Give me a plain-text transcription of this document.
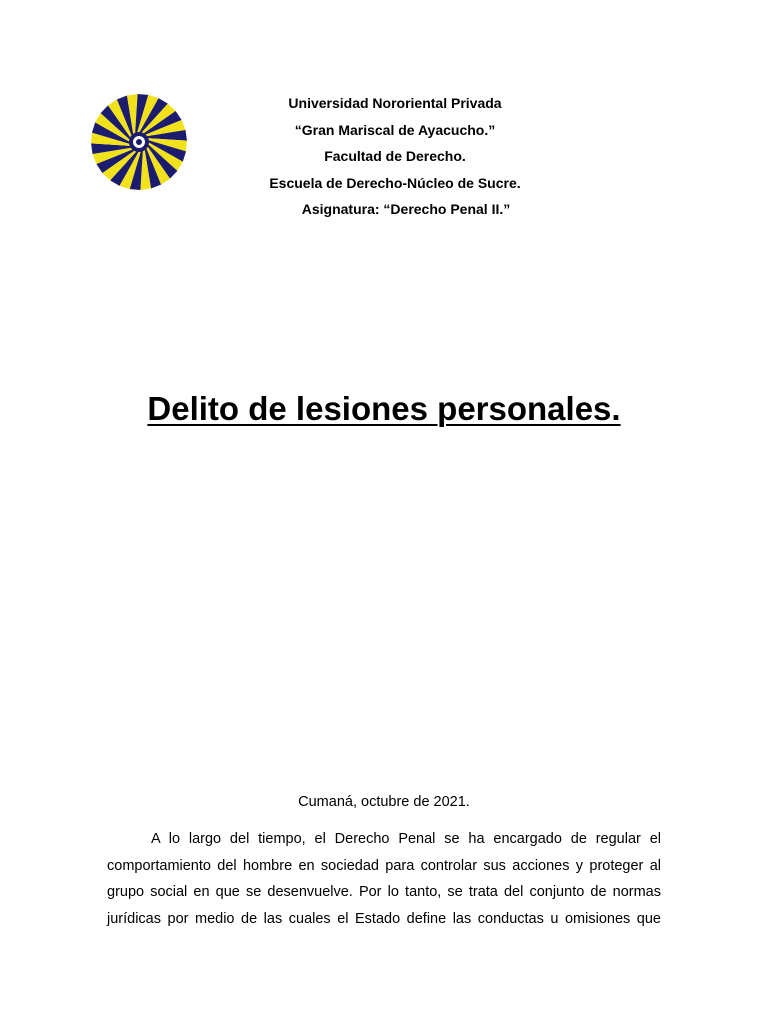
Universidad Nororiental Privada
“Gran Mariscal de Ayacucho.”
Facultad de Derecho.
Escuela de Derecho-Núcleo de Sucre.
Asignatura: “Derecho Penal II.”
Delito de lesiones personales.
Cumaná, octubre de 2021.
A lo largo del tiempo, el Derecho Penal se ha encargado de regular el
comportamiento del hombre en sociedad para controlar sus acciones y proteger al
grupo social en que se desenvuelve. Por lo tanto, se trata del conjunto de normas
jurídicas por medio de las cuales el Estado define las conductas u omisiones que
